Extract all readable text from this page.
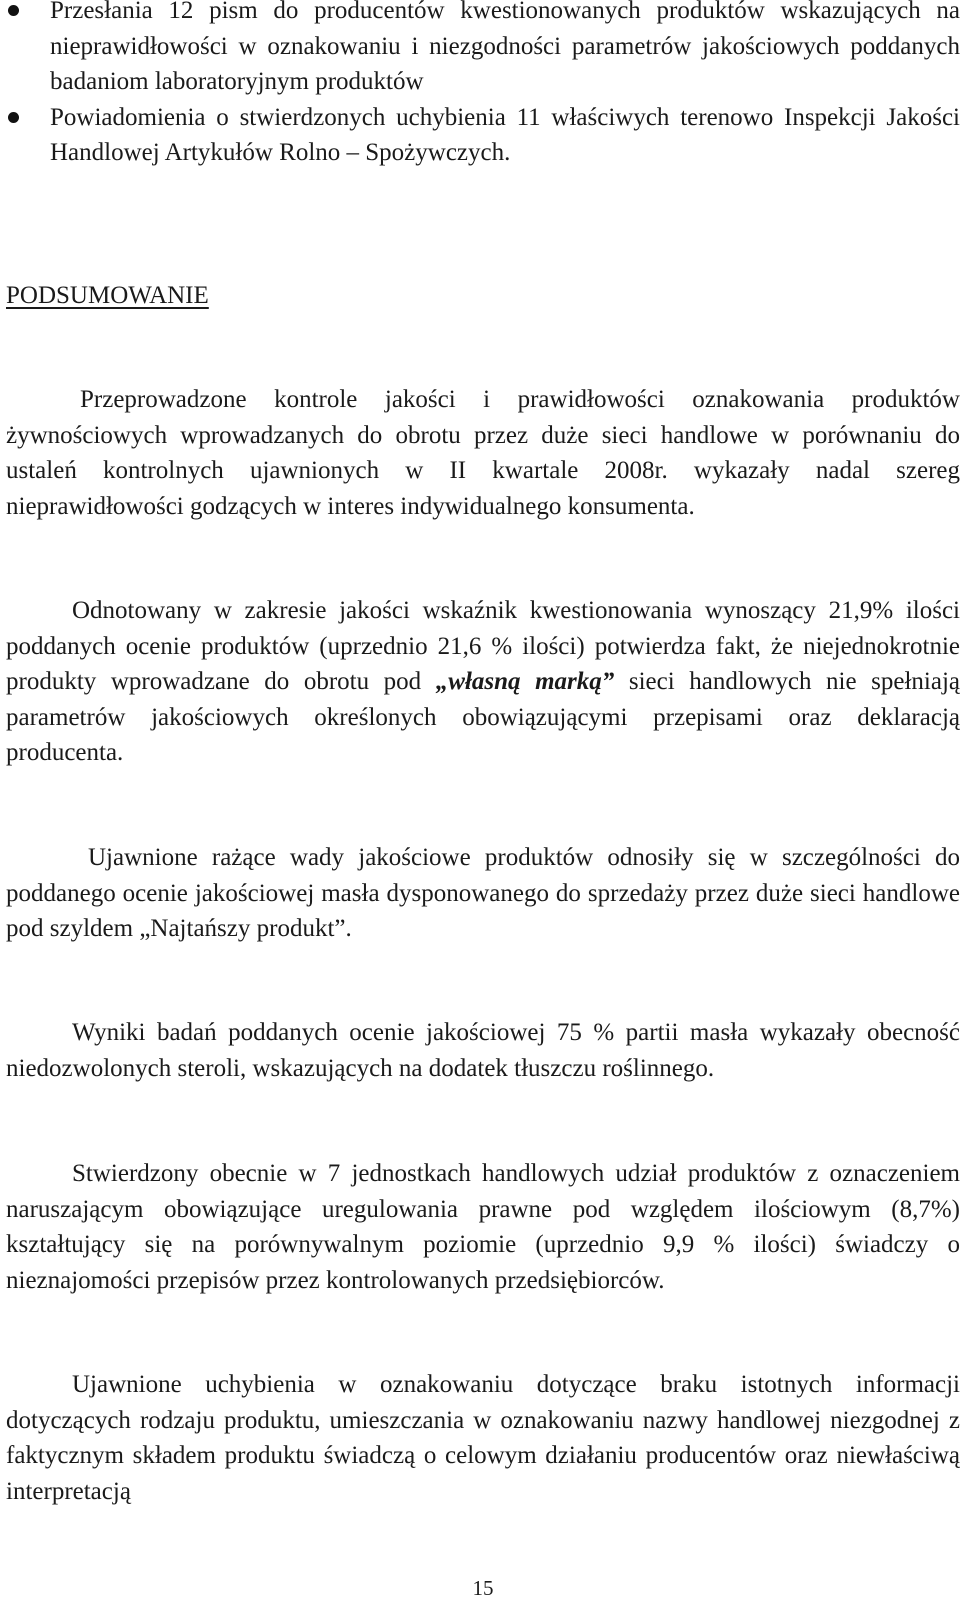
Przesłania 12 pism do producentów kwestionowanych produktów wskazujących na nieprawidłowości w oznakowaniu i niezgodności parametrów jakościowych poddanych badaniom laboratoryjnym produktów
Powiadomienia o stwierdzonych uchybienia 11 właściwych terenowo Inspekcji Jakości Handlowej Artykułów Rolno – Spożywczych.
PODSUMOWANIE

Przeprowadzone kontrole jakości i prawidłowości oznakowania produktów żywnościowych wprowadzanych do obrotu przez duże sieci handlowe w porównaniu do ustaleń kontrolnych ujawnionych w II kwartale 2008r. wykazały nadal szereg nieprawidłowości godzących w interes indywidualnego konsumenta.

Odnotowany w zakresie jakości wskaźnik kwestionowania wynoszący 21,9% ilości poddanych ocenie produktów (uprzednio 21,6 % ilości) potwierdza fakt, że niejednokrotnie produkty wprowadzane do obrotu pod „własną marką” sieci handlowych nie spełniają parametrów jakościowych określonych obowiązującymi przepisami oraz deklaracją producenta.

Ujawnione rażące wady jakościowe produktów odnosiły się w szczególności do poddanego ocenie jakościowej masła dysponowanego do sprzedaży przez duże sieci handlowe pod szyldem „Najtańszy produkt”.

Wyniki badań poddanych ocenie jakościowej 75 % partii masła wykazały obecność niedozwolonych steroli, wskazujących na dodatek tłuszczu roślinnego.

Stwierdzony obecnie w 7 jednostkach handlowych udział produktów z oznaczeniem naruszającym obowiązujące uregulowania prawne pod względem ilościowym (8,7%) kształtujący się na porównywalnym poziomie (uprzednio 9,9 % ilości) świadczy o nieznajomości przepisów przez kontrolowanych przedsiębiorców.

Ujawnione uchybienia w oznakowaniu dotyczące braku istotnych informacji dotyczących rodzaju produktu, umieszczania w oznakowaniu nazwy handlowej niezgodnej z faktycznym składem produktu świadczą o celowym działaniu producentów oraz niewłaściwą interpretacją

15
